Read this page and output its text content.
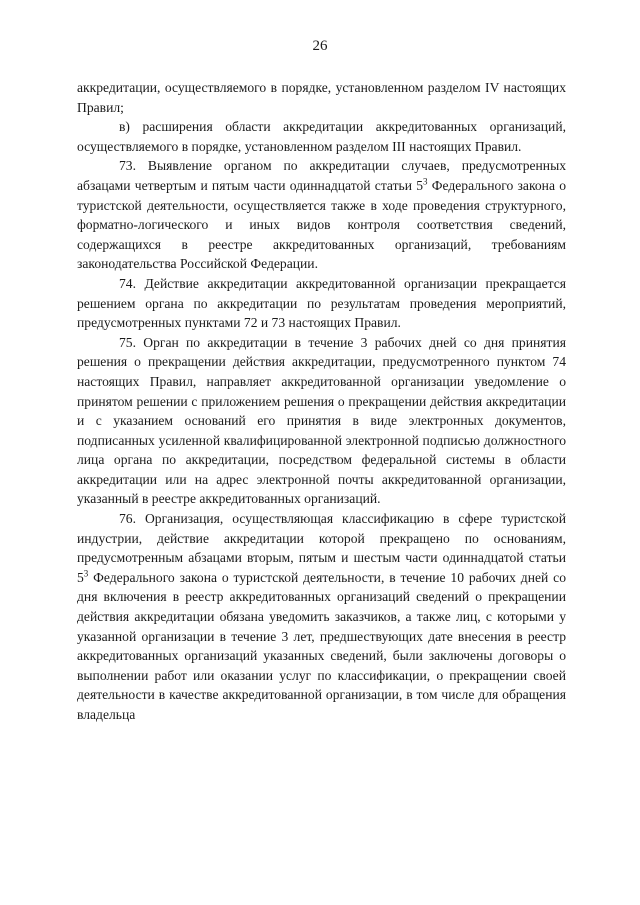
26

аккредитации, осуществляемого в порядке, установленном разделом IV настоящих Правил;

в) расширения области аккредитации аккредитованных организаций, осуществляемого в порядке, установленном разделом III настоящих Правил.

73. Выявление органом по аккредитации случаев, предусмотренных абзацами четвертым и пятым части одиннадцатой статьи $5^3$ Федерального закона о туристской деятельности, осуществляется также в ходе проведения структурного, форматно-логического и иных видов контроля соответствия сведений, содержащихся в реестре аккредитованных организаций, требованиям законодательства Российской Федерации.

74. Действие аккредитации аккредитованной организации прекращается решением органа по аккредитации по результатам проведения мероприятий, предусмотренных пунктами 72 и 73 настоящих Правил.

75. Орган по аккредитации в течение 3 рабочих дней со дня принятия решения о прекращении действия аккредитации, предусмотренного пунктом 74 настоящих Правил, направляет аккредитованной организации уведомление о принятом решении с приложением решения о прекращении действия аккредитации и с указанием оснований его принятия в виде электронных документов, подписанных усиленной квалифицированной электронной подписью должностного лица органа по аккредитации, посредством федеральной системы в области аккредитации или на адрес электронной почты аккредитованной организации, указанный в реестре аккредитованных организаций.

76. Организация, осуществляющая классификацию в сфере туристской индустрии, действие аккредитации которой прекращено по основаниям, предусмотренным абзацами вторым, пятым и шестым части одиннадцатой статьи $5^3$ Федерального закона о туристской деятельности, в течение 10 рабочих дней со дня включения в реестр аккредитованных организаций сведений о прекращении действия аккредитации обязана уведомить заказчиков, а также лиц, с которыми у указанной организации в течение 3 лет, предшествующих дате внесения в реестр аккредитованных организаций указанных сведений, были заключены договоры о выполнении работ или оказании услуг по классификации, о прекращении своей деятельности в качестве аккредитованной организации, в том числе для обращения владельца
